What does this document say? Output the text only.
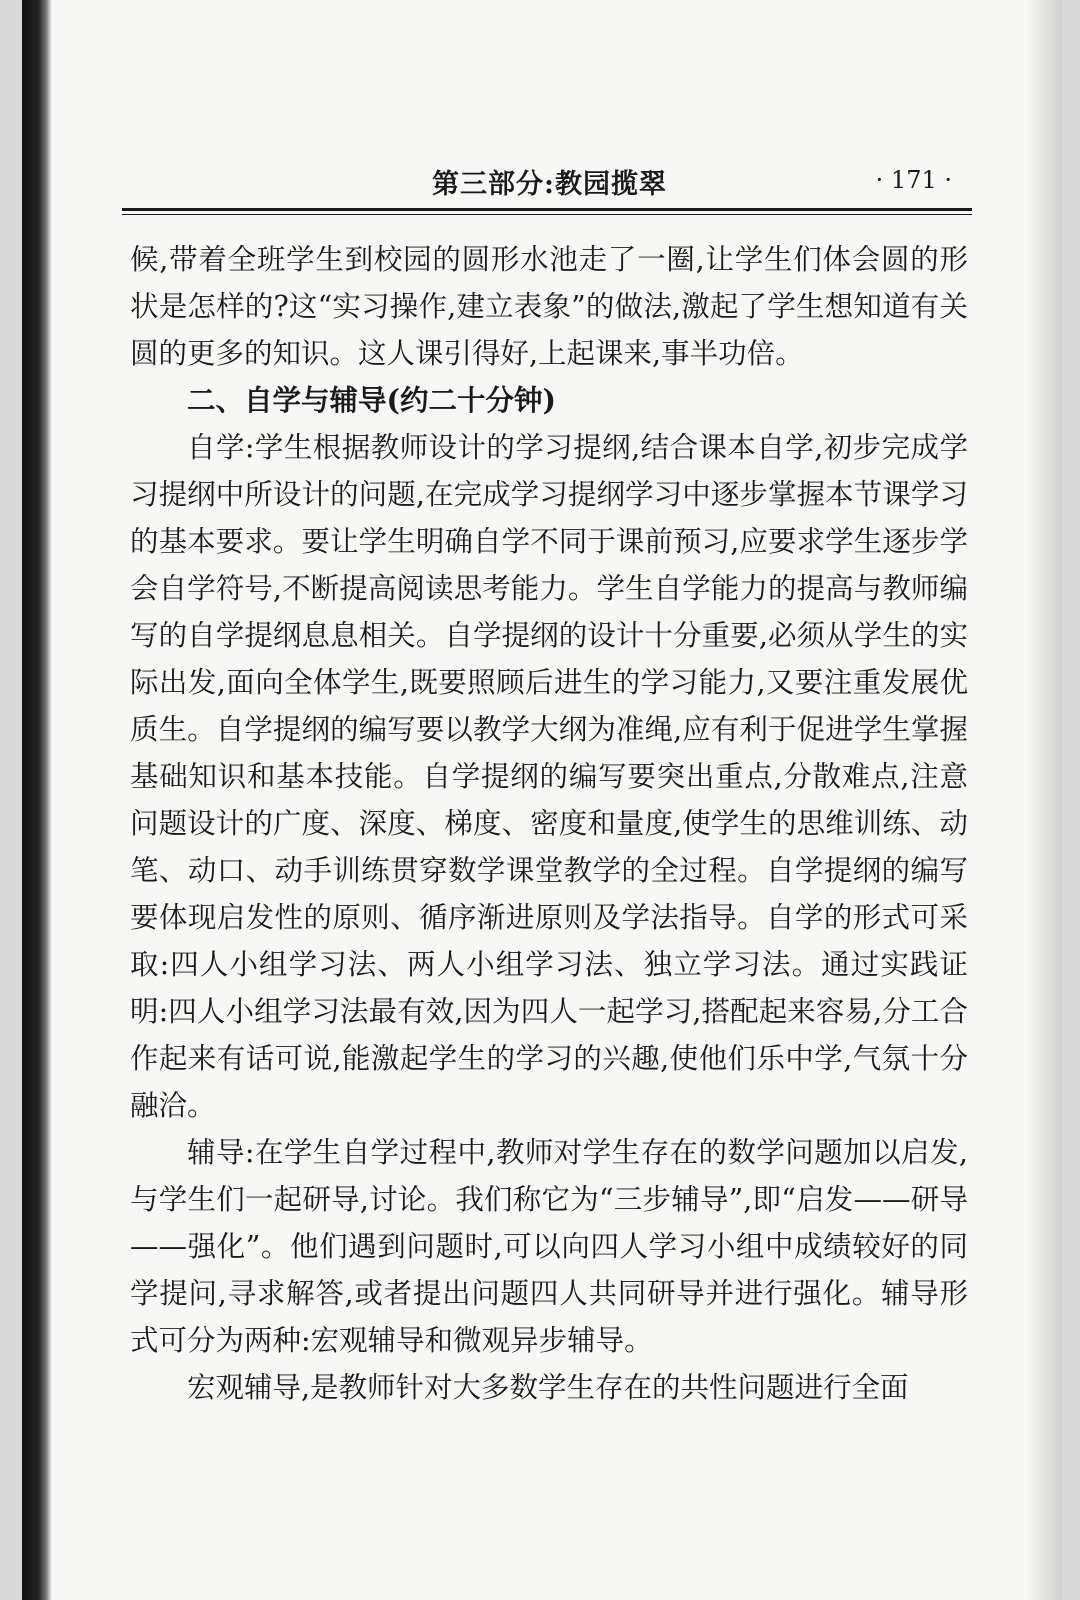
第三部分:教园揽翠	· 171 ·

候,带着全班学生到校园的圆形水池走了一圈,让学生们体会圆的形状是怎样的?这“实习操作,建立表象”的做法,激起了学生想知道有关圆的更多的知识。这人课引得好,上起课来,事半功倍。

二、自学与辅导(约二十分钟)

自学:学生根据教师设计的学习提纲,结合课本自学,初步完成学习提纲中所设计的问题,在完成学习提纲学习中逐步掌握本节课学习的基本要求。要让学生明确自学不同于课前预习,应要求学生逐步学会自学符号,不断提高阅读思考能力。学生自学能力的提高与教师编写的自学提纲息息相关。自学提纲的设计十分重要,必须从学生的实际出发,面向全体学生,既要照顾后进生的学习能力,又要注重发展优质生。自学提纲的编写要以教学大纲为准绳,应有利于促进学生掌握基础知识和基本技能。自学提纲的编写要突出重点,分散难点,注意问题设计的广度、深度、梯度、密度和量度,使学生的思维训练、动笔、动口、动手训练贯穿数学课堂教学的全过程。自学提纲的编写要体现启发性的原则、循序渐进原则及学法指导。自学的形式可采取:四人小组学习法、两人小组学习法、独立学习法。通过实践证明:四人小组学习法最有效,因为四人一起学习,搭配起来容易,分工合作起来有话可说,能激起学生的学习的兴趣,使他们乐中学,气氛十分融洽。

辅导:在学生自学过程中,教师对学生存在的数学问题加以启发,与学生们一起研导,讨论。我们称它为“三步辅导”,即“启发——研导——强化”。他们遇到问题时,可以向四人学习小组中成绩较好的同学提问,寻求解答,或者提出问题四人共同研导并进行强化。辅导形式可分为两种:宏观辅导和微观异步辅导。

宏观辅导,是教师针对大多数学生存在的共性问题进行全面
